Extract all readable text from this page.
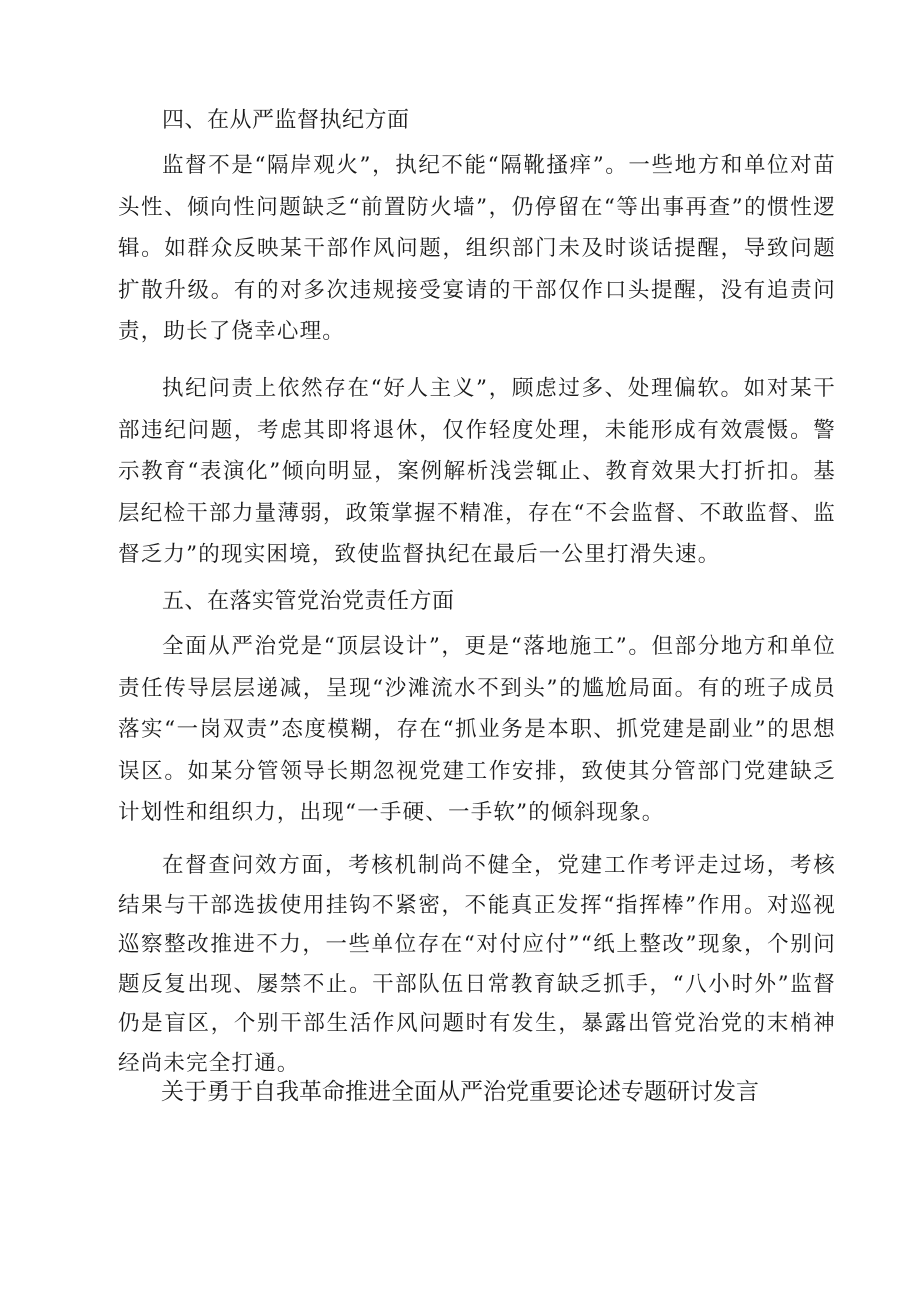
四、在从严监督执纪方面

监督不是“隔岸观火”，执纪不能“隔靴搔痒”。一些地方和单位对苗头性、倾向性问题缺乏“前置防火墙”，仍停留在“等出事再查”的惯性逻辑。如群众反映某干部作风问题，组织部门未及时谈话提醒，导致问题扩散升级。有的对多次违规接受宴请的干部仅作口头提醒，没有追责问责，助长了侥幸心理。

执纪问责上依然存在“好人主义”，顾虑过多、处理偏软。如对某干部违纪问题，考虑其即将退休，仅作轻度处理，未能形成有效震慑。警示教育“表演化”倾向明显，案例解析浅尝辄止、教育效果大打折扣。基层纪检干部力量薄弱，政策掌握不精准，存在“不会监督、不敢监督、监督乏力”的现实困境，致使监督执纪在最后一公里打滑失速。

五、在落实管党治党责任方面

全面从严治党是“顶层设计”，更是“落地施工”。但部分地方和单位责任传导层层递减，呈现“沙滩流水不到头”的尴尬局面。有的班子成员落实“一岗双责”态度模糊，存在“抓业务是本职、抓党建是副业”的思想误区。如某分管领导长期忽视党建工作安排，致使其分管部门党建缺乏计划性和组织力，出现“一手硬、一手软”的倾斜现象。

在督查问效方面，考核机制尚不健全，党建工作考评走过场，考核结果与干部选拔使用挂钩不紧密，不能真正发挥“指挥棒”作用。对巡视巡察整改推进不力，一些单位存在“对付应付”“纸上整改”现象，个别问题反复出现、屡禁不止。干部队伍日常教育缺乏抓手，“八小时外”监督仍是盲区，个别干部生活作风问题时有发生，暴露出管党治党的末梢神经尚未完全打通。

关于勇于自我革命推进全面从严治党重要论述专题研讨发言
